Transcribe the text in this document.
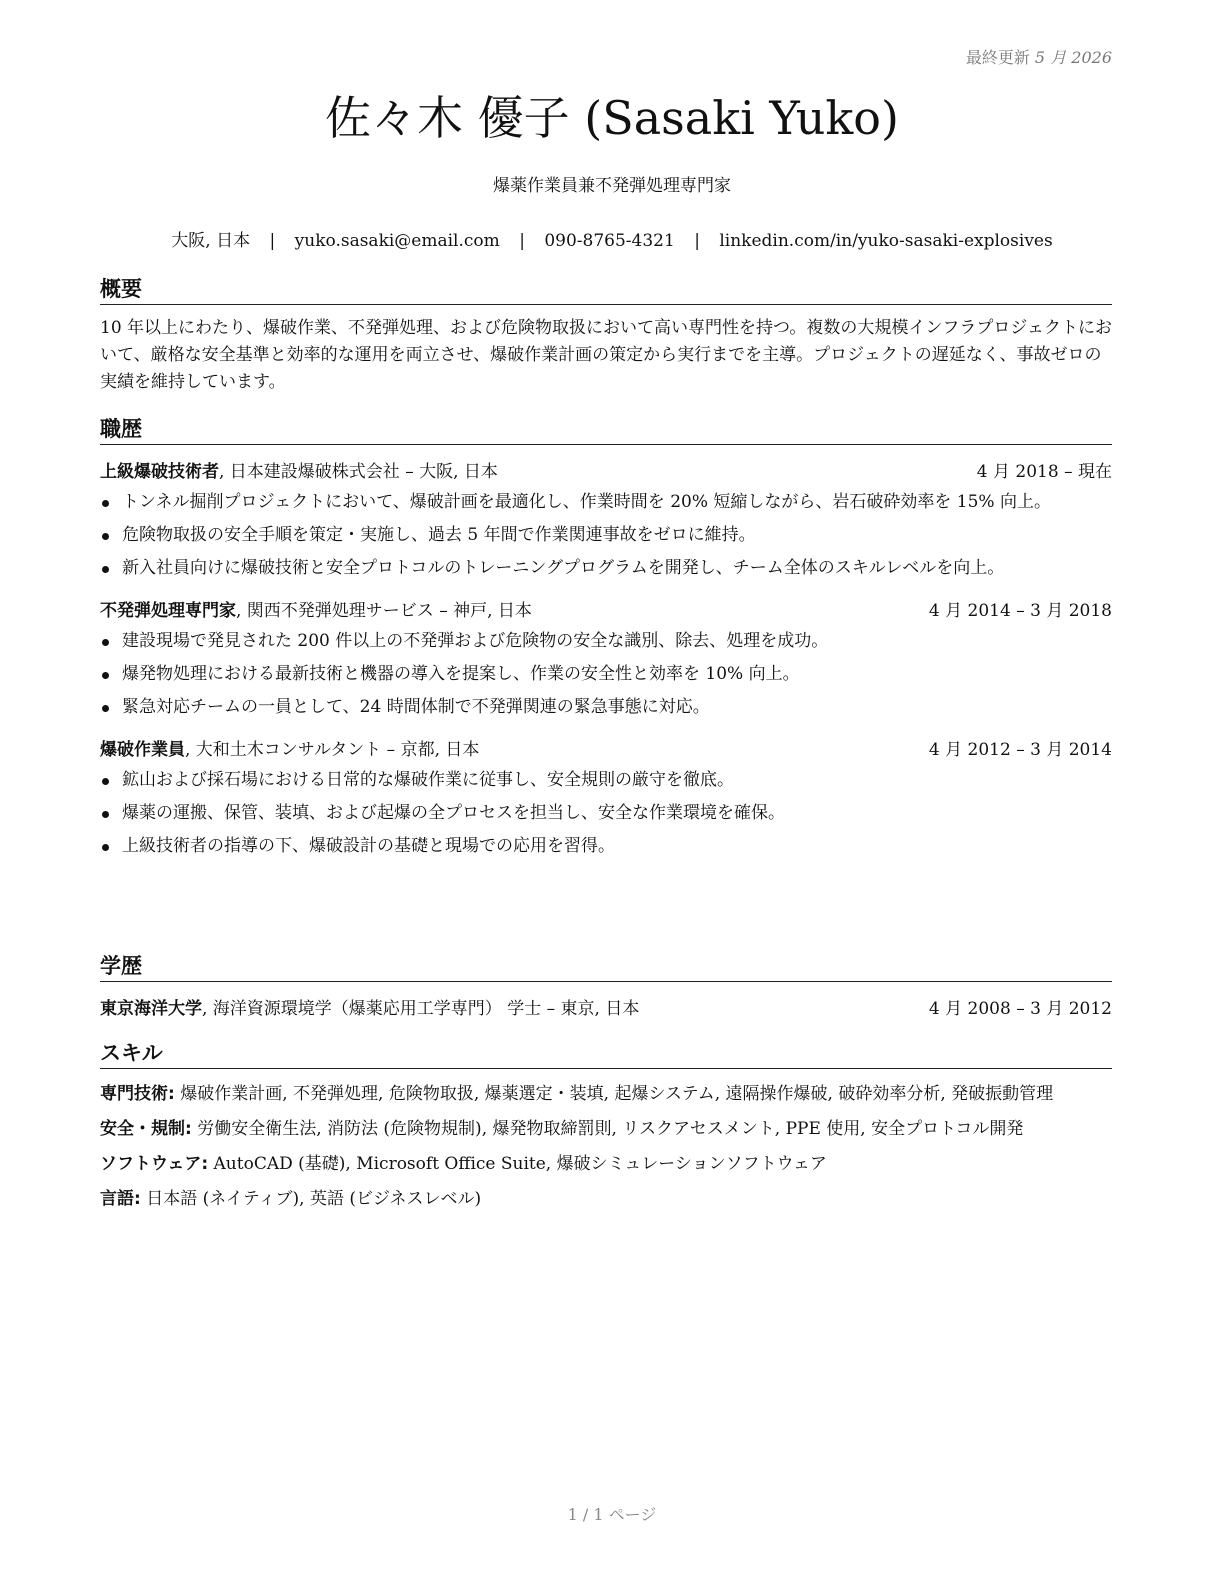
最終更新 5 月 2026
佐々木 優子 (Sasaki Yuko)
爆薬作業員兼不発弾処理専門家
大阪, 日本 | yuko.sasaki@email.com | 090-8765-4321 | linkedin.com/in/yuko-sasaki-explosives
概要
10 年以上にわたり、爆破作業、不発弾処理、および危険物取扱において高い専門性を持つ。複数の大規模インフラプロジェクトにおいて、厳格な安全基準と効率的な運用を両立させ、爆破作業計画の策定から実行までを主導。プロジェクトの遅延なく、事故ゼロの実績を維持しています。
職歴
上級爆破技術者, 日本建設爆破株式会社 – 大阪, 日本	4 月 2018 – 現在
トンネル掘削プロジェクトにおいて、爆破計画を最適化し、作業時間を 20% 短縮しながら、岩石破砕効率を 15% 向上。
危険物取扱の安全手順を策定・実施し、過去 5 年間で作業関連事故をゼロに維持。
新入社員向けに爆破技術と安全プロトコルのトレーニングプログラムを開発し、チーム全体のスキルレベルを向上。
不発弾処理専門家, 関西不発弾処理サービス – 神戸, 日本	4 月 2014 – 3 月 2018
建設現場で発見された 200 件以上の不発弾および危険物の安全な識別、除去、処理を成功。
爆発物処理における最新技術と機器の導入を提案し、作業の安全性と効率を 10% 向上。
緊急対応チームの一員として、24 時間体制で不発弾関連の緊急事態に対応。
爆破作業員, 大和土木コンサルタント – 京都, 日本	4 月 2012 – 3 月 2014
鉱山および採石場における日常的な爆破作業に従事し、安全規則の厳守を徹底。
爆薬の運搬、保管、装填、および起爆の全プロセスを担当し、安全な作業環境を確保。
上級技術者の指導の下、爆破設計の基礎と現場での応用を習得。
学歴
東京海洋大学, 海洋資源環境学（爆薬応用工学専門） 学士 – 東京, 日本	4 月 2008 – 3 月 2012
スキル
専門技術: 爆破作業計画, 不発弾処理, 危険物取扱, 爆薬選定・装填, 起爆システム, 遠隔操作爆破, 破砕効率分析, 発破振動管理
安全・規制: 労働安全衛生法, 消防法 (危険物規制), 爆発物取締罰則, リスクアセスメント, PPE 使用, 安全プロトコル開発
ソフトウェア: AutoCAD (基礎), Microsoft Office Suite, 爆破シミュレーションソフトウェア
言語: 日本語 (ネイティブ), 英語 (ビジネスレベル)
1 / 1 ページ
